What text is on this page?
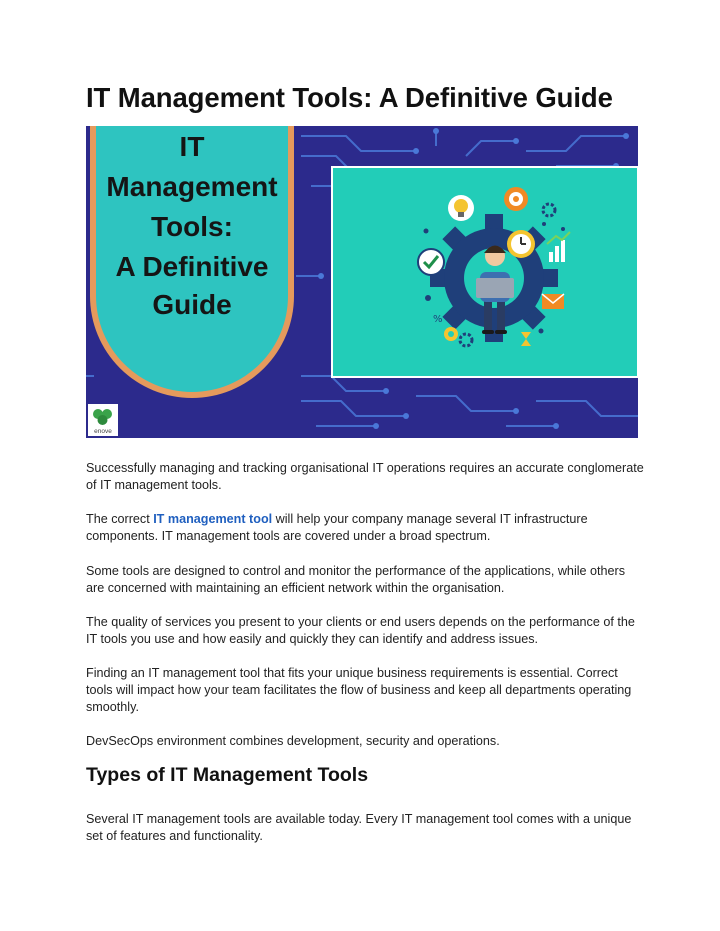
IT Management Tools: A Definitive Guide
IT
Management
Tools:
A Definitive
Guide	%
enove

Successfully managing and tracking organisational IT operations requires an accurate conglomerate of IT management tools.

The correct IT management tool will help your company manage several IT infrastructure components. IT management tools are covered under a broad spectrum.

Some tools are designed to control and monitor the performance of the applications, while others are concerned with maintaining an efficient network within the organisation.

The quality of services you present to your clients or end users depends on the performance of the IT tools you use and how easily and quickly they can identify and address issues.

Finding an IT management tool that fits your unique business requirements is essential. Correct tools will impact how your team facilitates the flow of business and keep all departments operating smoothly.

DevSecOps environment combines development, security and operations.

Types of IT Management Tools

Several IT management tools are available today. Every IT management tool comes with a unique set of features and functionality.
